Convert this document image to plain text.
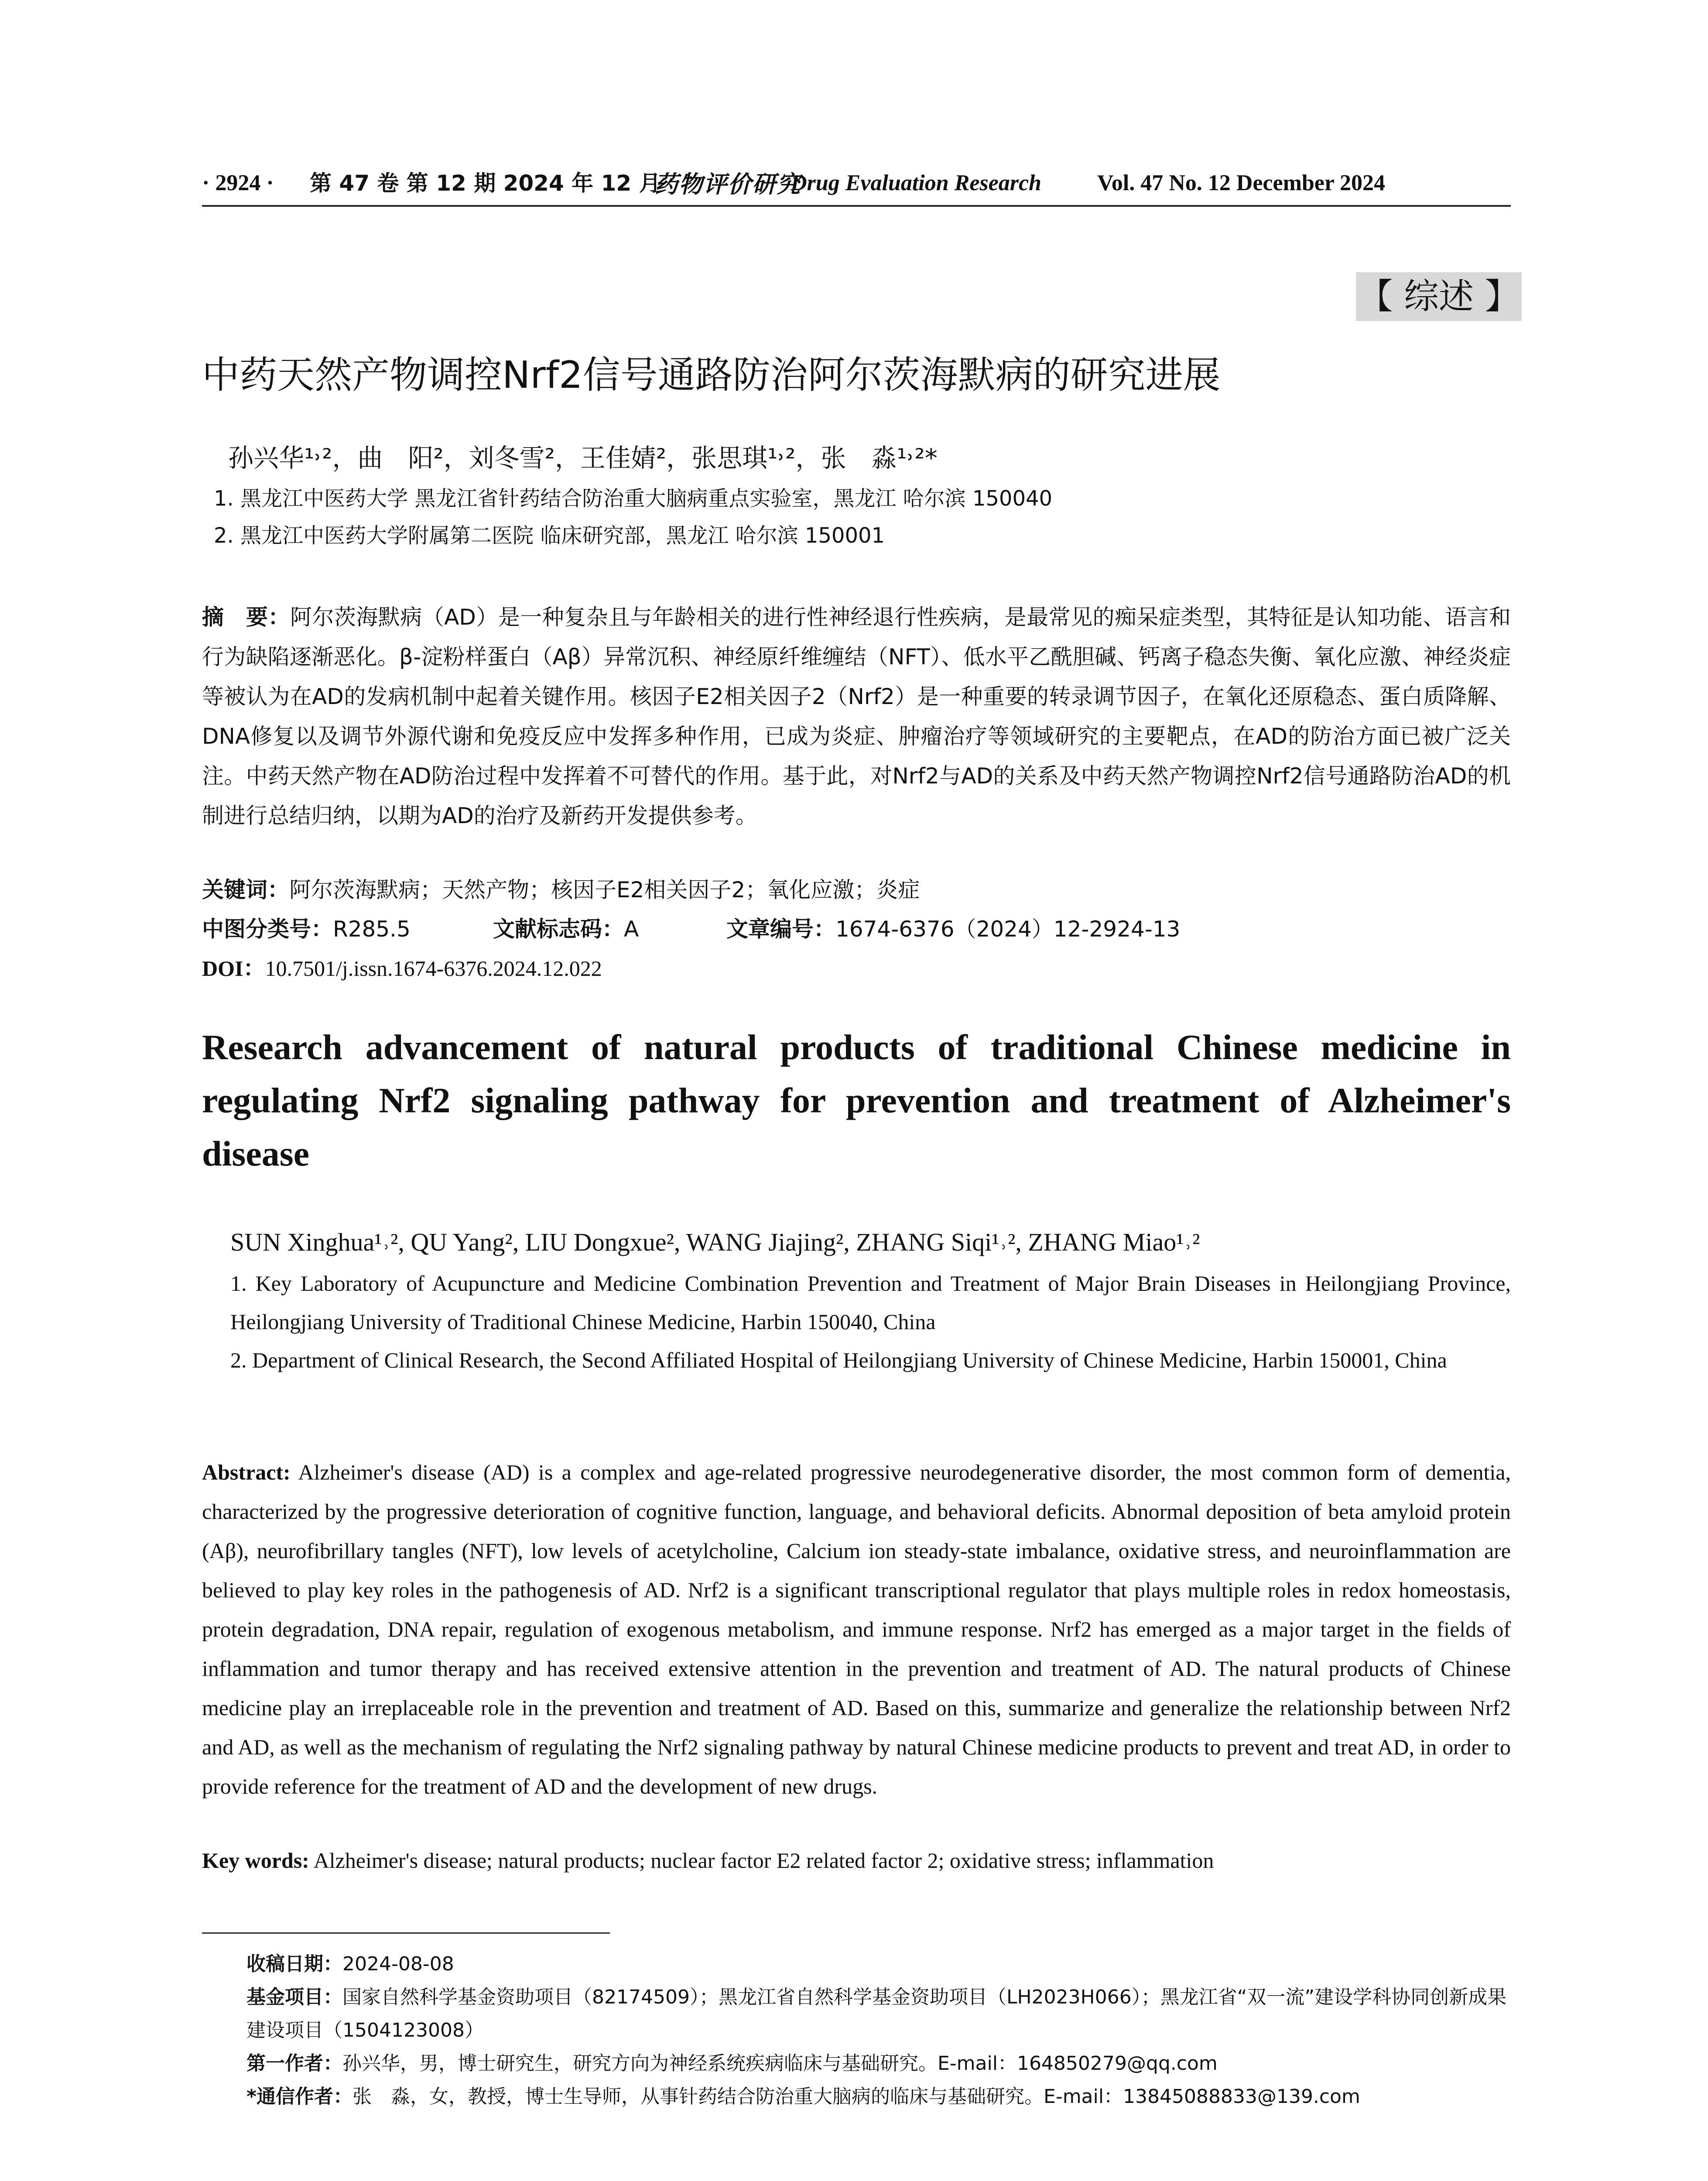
· 2924 · 第 47 卷 第 12 期 2024 年 12 月
药物评价研究
Drug Evaluation Research Vol. 47 No. 12 December 2024
【 综述 】
中药天然产物调控Nrf2信号通路防治阿尔茨海默病的研究进展
孙兴华¹˒²，曲　阳²，刘冬雪²，王佳婧²，张思琪¹˒²，张　淼¹˒²*
1. 黑龙江中医药大学 黑龙江省针药结合防治重大脑病重点实验室，黑龙江 哈尔滨 150040
2. 黑龙江中医药大学附属第二医院 临床研究部，黑龙江 哈尔滨 150001
摘　要：阿尔茨海默病（AD）是一种复杂且与年龄相关的进行性神经退行性疾病，是最常见的痴呆症类型，其特征是认知功能、语言和行为缺陷逐渐恶化。β-淀粉样蛋白（Aβ）异常沉积、神经原纤维缠结（NFT）、低水平乙酰胆碱、钙离子稳态失衡、氧化应激、神经炎症等被认为在AD的发病机制中起着关键作用。核因子E2相关因子2（Nrf2）是一种重要的转录调节因子，在氧化还原稳态、蛋白质降解、DNA修复以及调节外源代谢和免疫反应中发挥多种作用，已成为炎症、肿瘤治疗等领域研究的主要靶点，在AD的防治方面已被广泛关注。中药天然产物在AD防治过程中发挥着不可替代的作用。基于此，对Nrf2与AD的关系及中药天然产物调控Nrf2信号通路防治AD的机制进行总结归纳，以期为AD的治疗及新药开发提供参考。
关键词：阿尔茨海默病；天然产物；核因子E2相关因子2；氧化应激；炎症
中图分类号：R285.5	文献标志码：A	文章编号：1674-6376（2024）12-2924-13
DOI：10.7501/j.issn.1674-6376.2024.12.022
Research advancement of natural products of traditional Chinese medicine in regulating Nrf2 signaling pathway for prevention and treatment of Alzheimer's disease
SUN Xinghua¹˒², QU Yang², LIU Dongxue², WANG Jiajing², ZHANG Siqi¹˒², ZHANG Miao¹˒²
1. Key Laboratory of Acupuncture and Medicine Combination Prevention and Treatment of Major Brain Diseases in Heilongjiang Province, Heilongjiang University of Traditional Chinese Medicine, Harbin 150040, China
2. Department of Clinical Research, the Second Affiliated Hospital of Heilongjiang University of Chinese Medicine, Harbin 150001, China
Abstract: Alzheimer's disease (AD) is a complex and age-related progressive neurodegenerative disorder, the most common form of dementia, characterized by the progressive deterioration of cognitive function, language, and behavioral deficits. Abnormal deposition of beta amyloid protein (Aβ), neurofibrillary tangles (NFT), low levels of acetylcholine, Calcium ion steady-state imbalance, oxidative stress, and neuroinflammation are believed to play key roles in the pathogenesis of AD. Nrf2 is a significant transcriptional regulator that plays multiple roles in redox homeostasis, protein degradation, DNA repair, regulation of exogenous metabolism, and immune response. Nrf2 has emerged as a major target in the fields of inflammation and tumor therapy and has received extensive attention in the prevention and treatment of AD. The natural products of Chinese medicine play an irreplaceable role in the prevention and treatment of AD. Based on this, summarize and generalize the relationship between Nrf2 and AD, as well as the mechanism of regulating the Nrf2 signaling pathway by natural Chinese medicine products to prevent and treat AD, in order to provide reference for the treatment of AD and the development of new drugs.
Key words: Alzheimer's disease; natural products; nuclear factor E2 related factor 2; oxidative stress; inflammation
收稿日期：2024-08-08
基金项目：国家自然科学基金资助项目（82174509）；黑龙江省自然科学基金资助项目（LH2023H066）；黑龙江省“双一流”建设学科协同创新成果建设项目（1504123008）
第一作者：孙兴华，男，博士研究生，研究方向为神经系统疾病临床与基础研究。E-mail：164850279@qq.com
*通信作者：张　淼，女，教授，博士生导师，从事针药结合防治重大脑病的临床与基础研究。E-mail：13845088833@139.com
